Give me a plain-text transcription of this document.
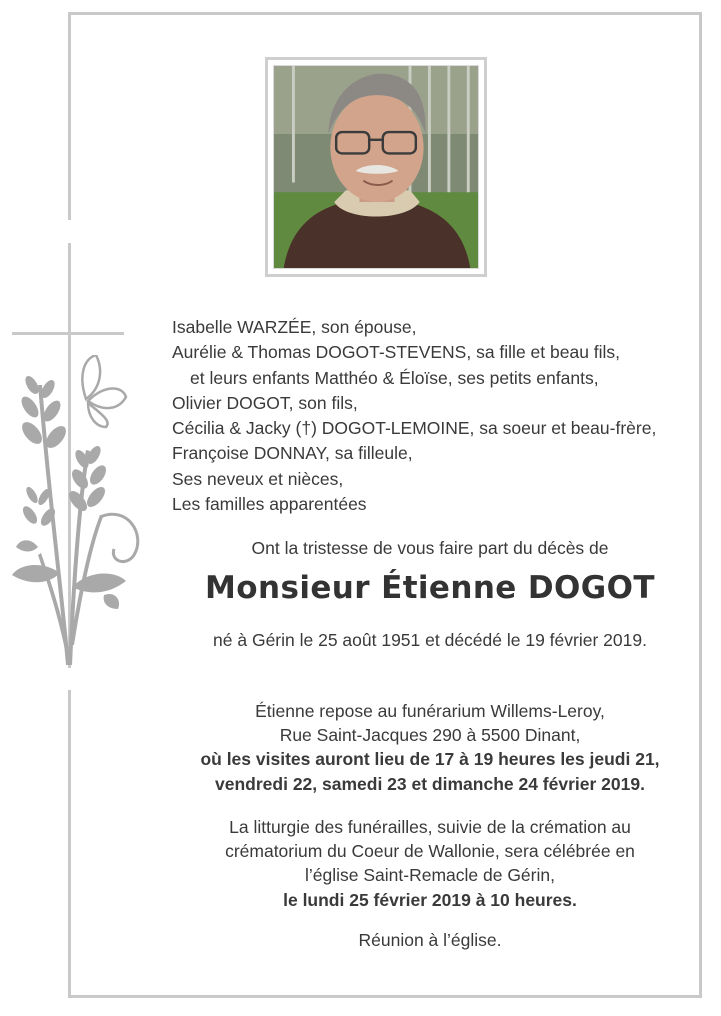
Isabelle WARZÉE, son épouse,
Aurélie & Thomas DOGOT-STEVENS, sa fille et beau fils,
et leurs enfants Matthéo & Éloïse, ses petits enfants,
Olivier DOGOT, son fils,
Cécilia & Jacky (†) DOGOT-LEMOINE, sa soeur et beau-frère,
Françoise DONNAY, sa filleule,
Ses neveux et nièces,
Les familles apparentées
Ont la tristesse de vous faire part du décès de
Monsieur Étienne DOGOT
né à Gérin le 25 août 1951 et décédé le 19 février 2019.
Étienne repose au funérarium Willems-Leroy,
Rue Saint-Jacques 290 à 5500 Dinant,
où les visites auront lieu de 17 à 19 heures les jeudi 21,
vendredi 22, samedi 23 et dimanche 24 février 2019.
La litturgie des funérailles, suivie de la crémation au
crématorium du Coeur de Wallonie, sera célébrée en
l’église Saint-Remacle de Gérin,
le lundi 25 février 2019 à 10 heures.
Réunion à l’église.
